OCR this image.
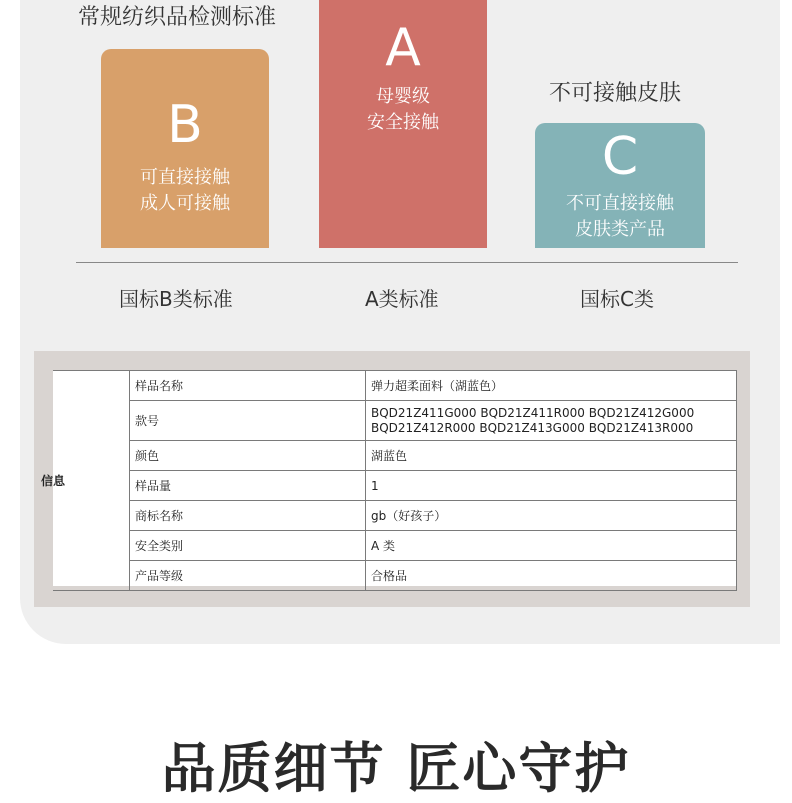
常规纺织品检测标准
不可接触皮肤
B
可直接接触
成人可接触
A
母婴级
安全接触
C
不可直接接触
皮肤类产品
国标B类标准	A类标准	国标C类
信息	样品名称	弹力超柔面料（湖蓝色）
	款号	BQD21Z411G000 BQD21Z411R000 BQD21Z412G000
BQD21Z412R000 BQD21Z413G000 BQD21Z413R000

	颜色	湖蓝色
	样品量	1
	商标名称	gb（好孩子）
	安全类别	A 类
	产品等级	合格品
品质细节 匠心守护
